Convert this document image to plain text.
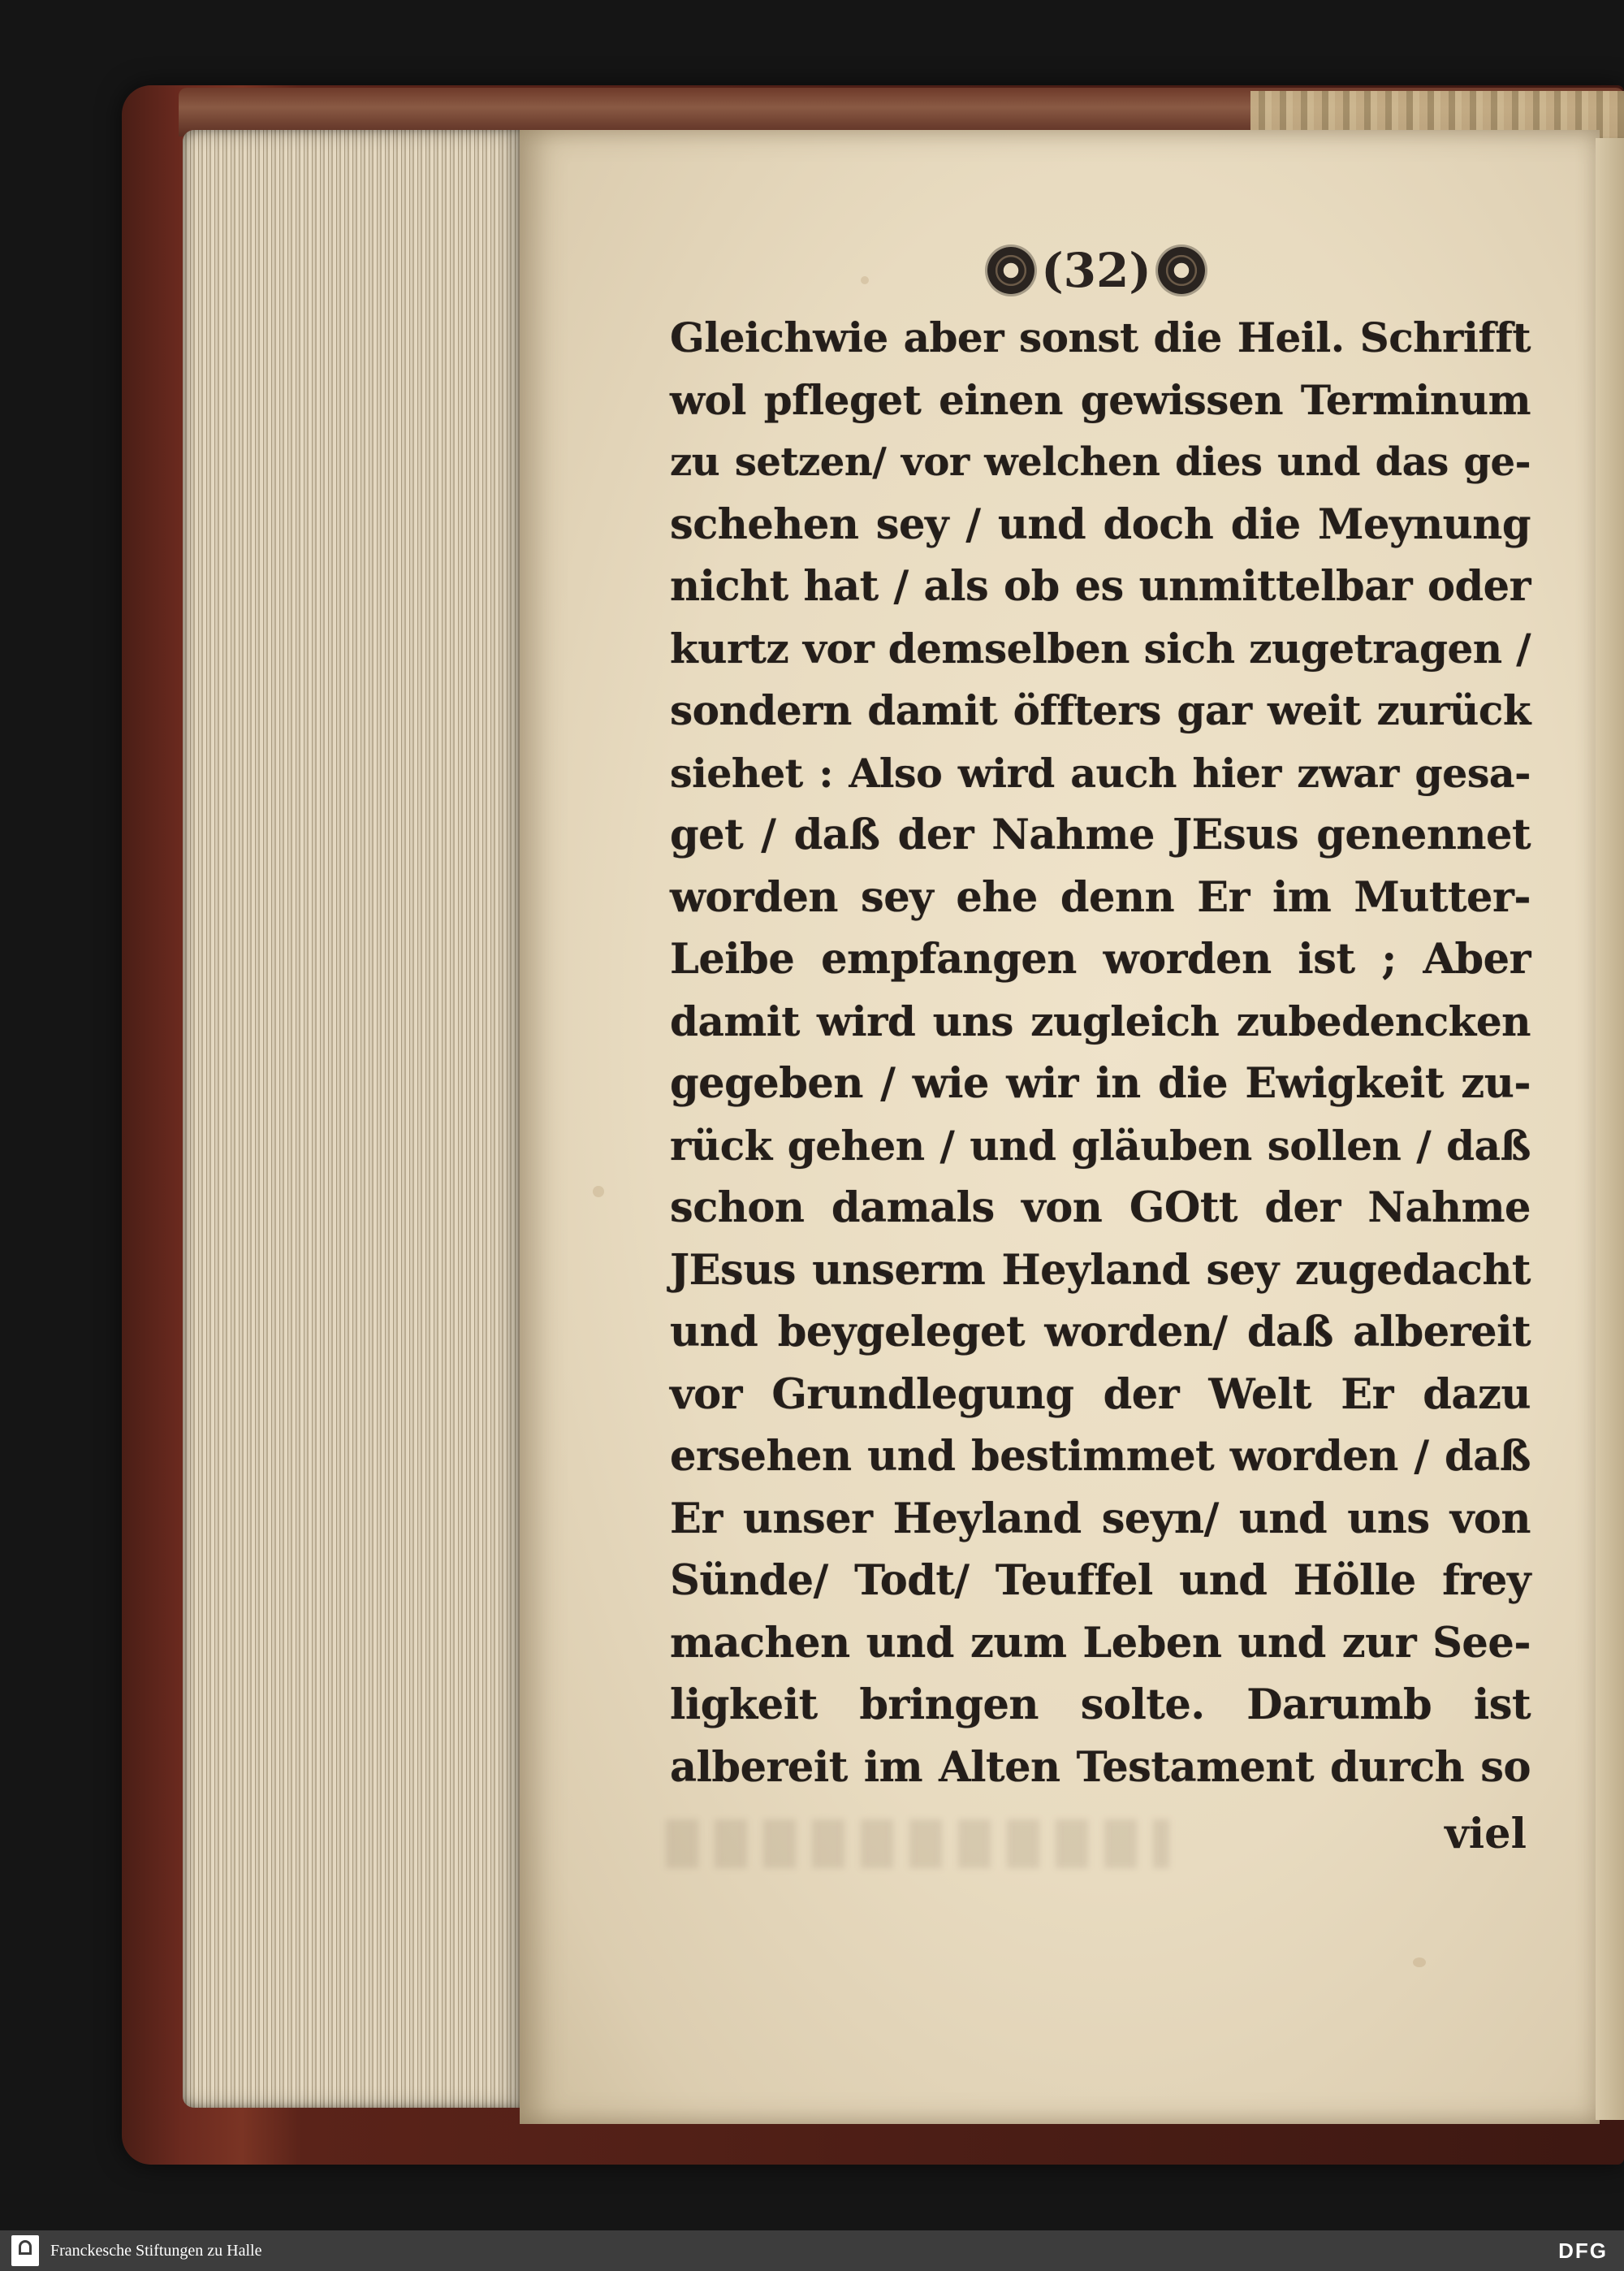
(32)
Gleichwie aber sonst die Heil. Schrifft
wol pfleget einen gewissen Terminum
zu setzen/ vor welchen dies und das ge-
schehen sey / und doch die Meynung
nicht hat / als ob es unmittelbar oder
kurtz vor demselben sich zugetragen /
sondern damit öffters gar weit zurück
siehet : Also wird auch hier zwar gesa-
get / daß der Nahme JEsus genennet
worden sey ehe denn Er im Mutter-
Leibe empfangen worden ist ; Aber
damit wird uns zugleich zubedencken
gegeben / wie wir in die Ewigkeit zu-
rück gehen / und gläuben sollen / daß
schon damals von GOtt der Nahme
JEsus unserm Heyland sey zugedacht
und beygeleget worden/ daß albereit
vor Grundlegung der Welt Er dazu
ersehen und bestimmet worden / daß
Er unser Heyland seyn/ und uns von
Sünde/ Todt/ Teuffel und Hölle frey
machen und zum Leben und zur See-
ligkeit bringen solte. Darumb ist
albereit im Alten Testament durch so
viel
Franckesche Stiftungen zu Halle	DFG
